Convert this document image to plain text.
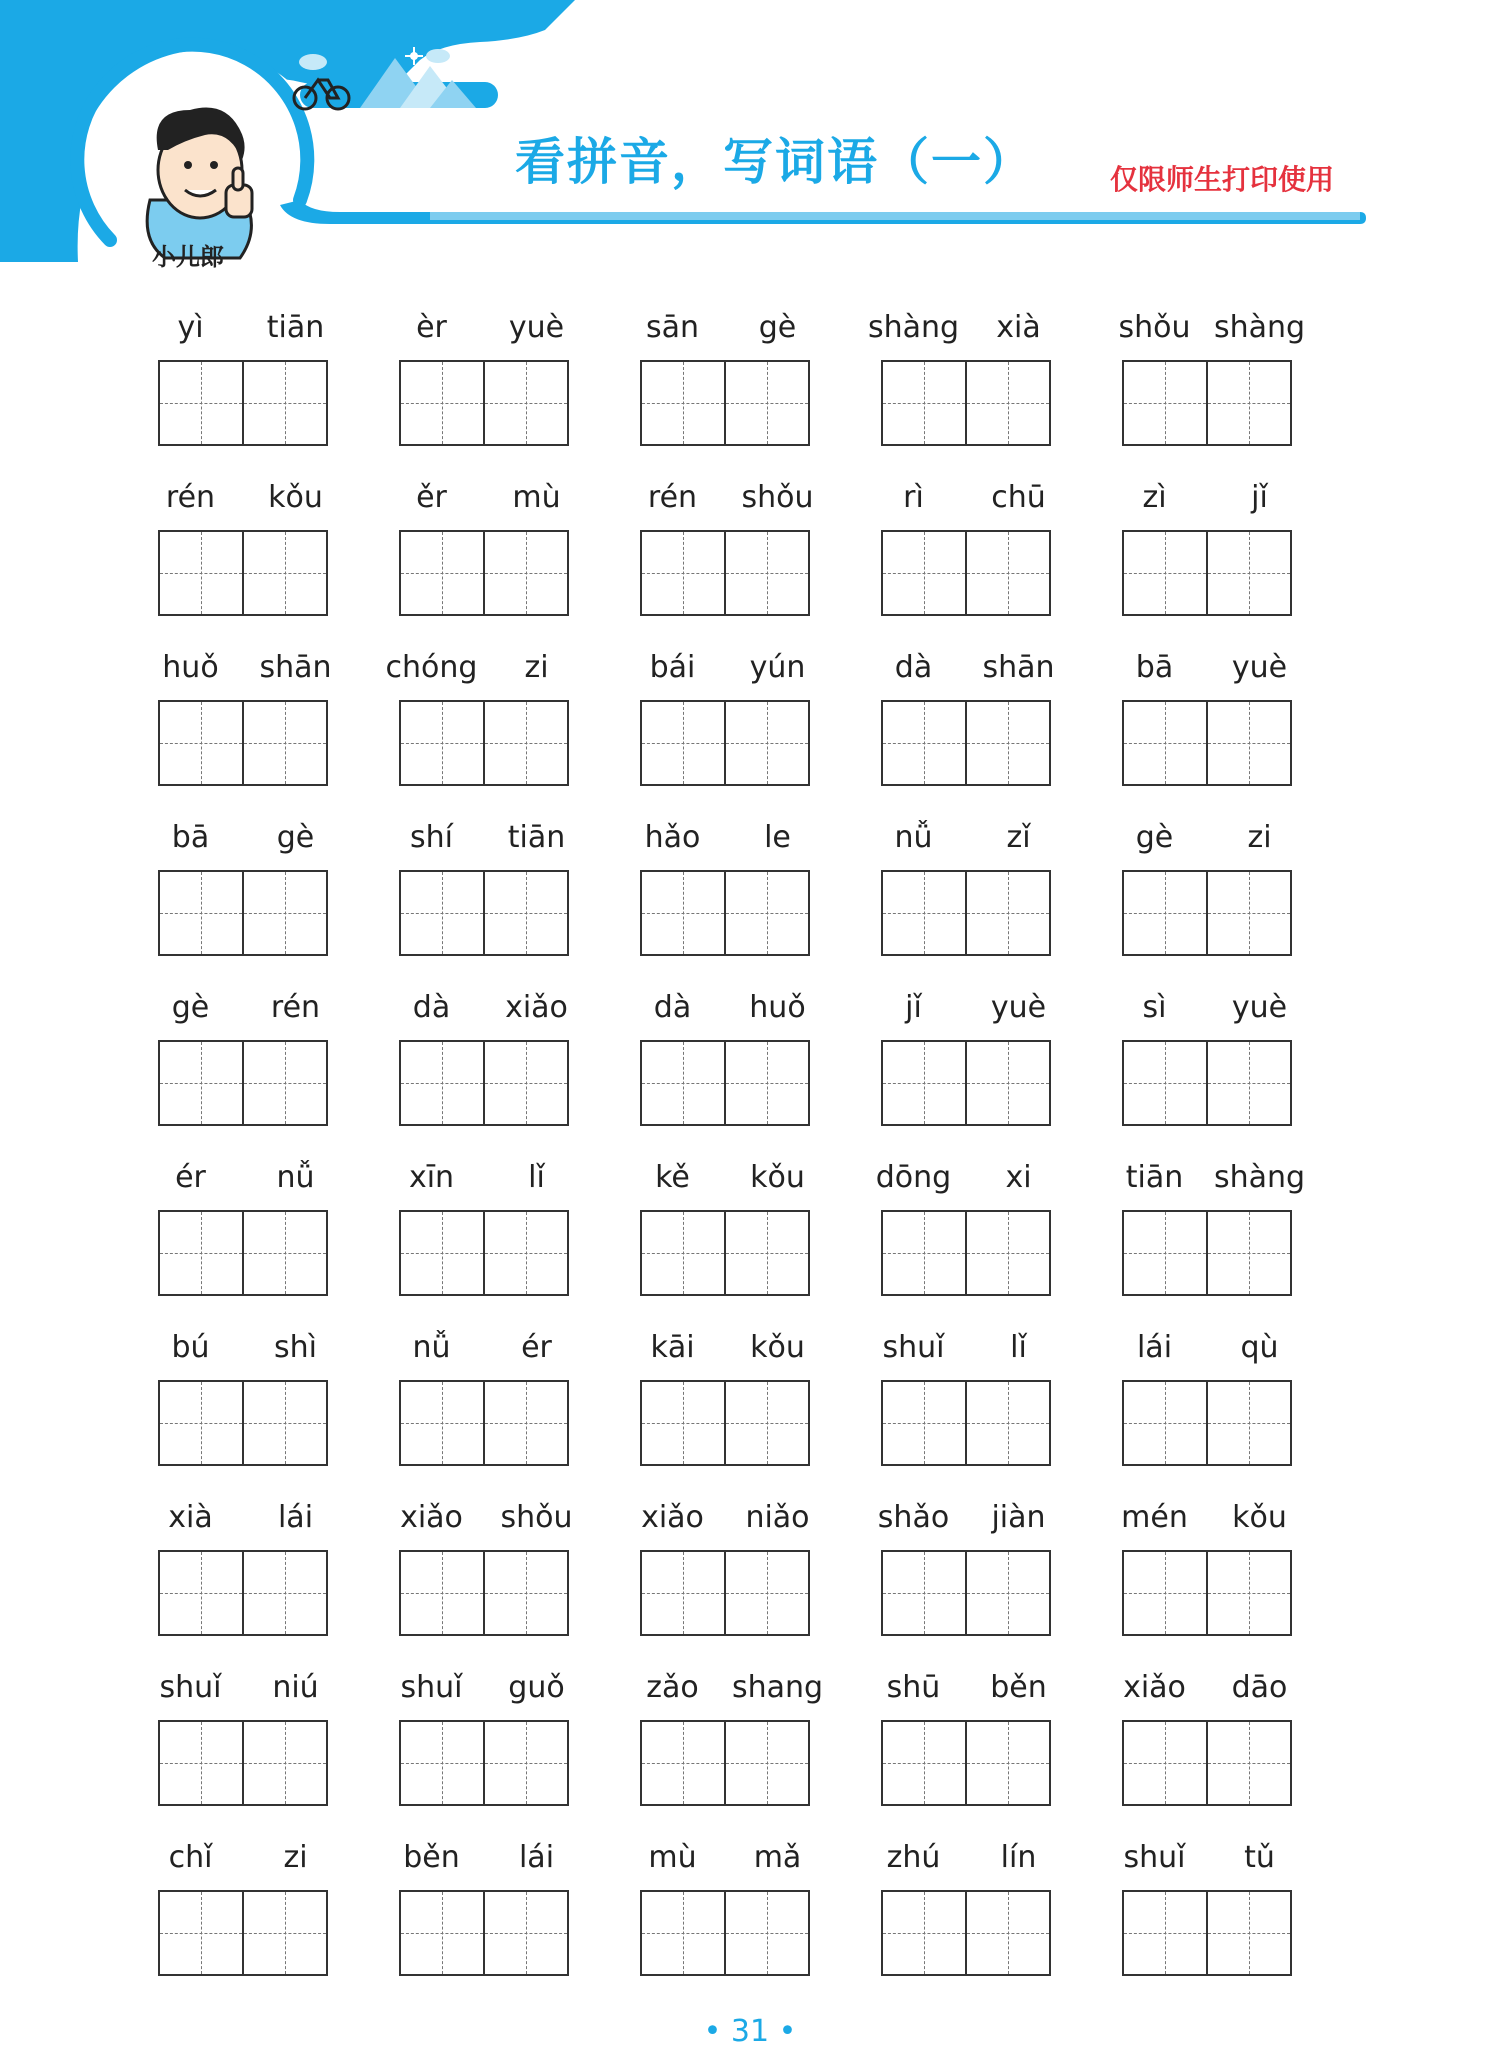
看拼音，写词语（一）	仅限师生打印使用
小儿郎
yì	tiān	èr	yuè	sān	gè	shàng	xià	shǒu shàng
rén	kǒu	ěr	mù	rén	shǒu	rì	chū	zì	jǐ
huǒ	shān	chóng	zi	bái	yún	dà	shān	bā	yuè
bā	gè	shí	tiān	hǎo	le	nǚ	zǐ	gè	zi
gè	rén	dà	xiǎo	dà	huǒ	jǐ	yuè	sì	yuè
ér	nǚ	xīn	lǐ	kě	kǒu	dōng	xi	tiān	shàng
bú	shì	nǚ	ér	kāi	kǒu	shuǐ	lǐ	lái	qù
xià	lái	xiǎo	shǒu	xiǎo	niǎo	shǎo	jiàn	mén	kǒu
shuǐ	niú	shuǐ	guǒ	zǎo	shang	shū	běn	xiǎo	dāo
chǐ	zi	běn	lái	mù	mǎ	zhú	lín	shuǐ	tǔ
• 31 •
